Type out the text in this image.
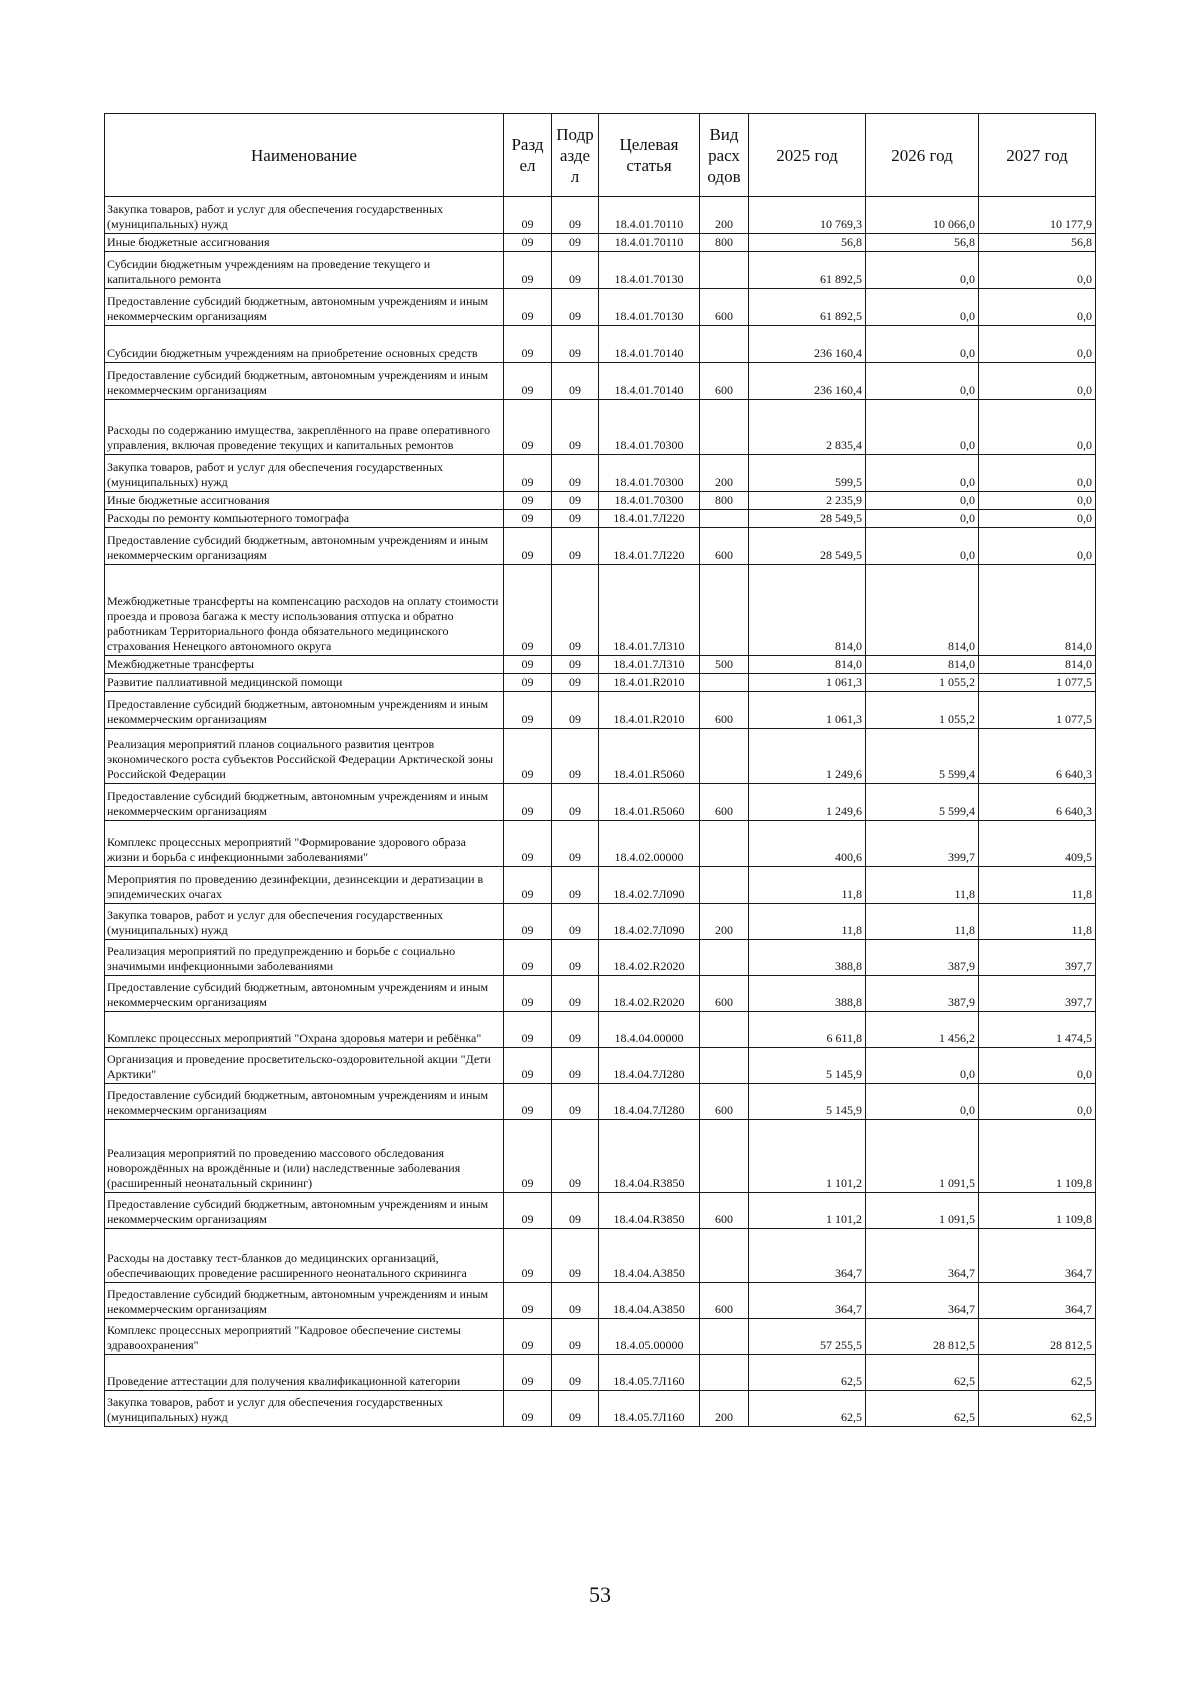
Наименование	Разд ел	Подр азде л	Целевая статья	Вид расх одов	2025 год	2026 год	2027 год
Закупка товаров, работ и услуг для обеспечения государственных (муниципальных) нужд	09	09	18.4.01.70110	200	10 769,3	10 066,0	10 177,9
Иные бюджетные ассигнования	09	09	18.4.01.70110	800	56,8	56,8	56,8
Субсидии бюджетным учреждениям на проведение текущего и капитального ремонта	09	09	18.4.01.70130		61 892,5	0,0	0,0
Предоставление субсидий бюджетным, автономным учреждениям и иным некоммерческим организациям	09	09	18.4.01.70130	600	61 892,5	0,0	0,0
Субсидии бюджетным учреждениям на приобретение основных средств	09	09	18.4.01.70140		236 160,4	0,0	0,0
Предоставление субсидий бюджетным, автономным учреждениям и иным некоммерческим организациям	09	09	18.4.01.70140	600	236 160,4	0,0	0,0
Расходы по содержанию имущества, закреплённого на праве оперативного управления, включая проведение текущих и капитальных ремонтов	09	09	18.4.01.70300		2 835,4	0,0	0,0
Закупка товаров, работ и услуг для обеспечения государственных (муниципальных) нужд	09	09	18.4.01.70300	200	599,5	0,0	0,0
Иные бюджетные ассигнования	09	09	18.4.01.70300	800	2 235,9	0,0	0,0
Расходы по ремонту компьютерного томографа	09	09	18.4.01.7Л220		28 549,5	0,0	0,0
Предоставление субсидий бюджетным, автономным учреждениям и иным некоммерческим организациям	09	09	18.4.01.7Л220	600	28 549,5	0,0	0,0
Межбюджетные трансферты на компенсацию расходов на оплату стоимости проезда и провоза багажа к месту использования отпуска и обратно работникам Территориального фонда обязательного медицинского страхования Ненецкого автономного округа	09	09	18.4.01.7Л310		814,0	814,0	814,0
Межбюджетные трансферты	09	09	18.4.01.7Л310	500	814,0	814,0	814,0
Развитие паллиативной медицинской помощи	09	09	18.4.01.R2010		1 061,3	1 055,2	1 077,5
Предоставление субсидий бюджетным, автономным учреждениям и иным некоммерческим организациям	09	09	18.4.01.R2010	600	1 061,3	1 055,2	1 077,5
Реализация мероприятий планов социального развития центров экономического роста субъектов Российской Федерации Арктической зоны Российской Федерации	09	09	18.4.01.R5060		1 249,6	5 599,4	6 640,3
Предоставление субсидий бюджетным, автономным учреждениям и иным некоммерческим организациям	09	09	18.4.01.R5060	600	1 249,6	5 599,4	6 640,3
Комплекс процессных мероприятий "Формирование здорового образа жизни и борьба с инфекционными заболеваниями"	09	09	18.4.02.00000		400,6	399,7	409,5
Мероприятия по проведению дезинфекции, дезинсекции и дератизации в эпидемических очагах	09	09	18.4.02.7Л090		11,8	11,8	11,8
Закупка товаров, работ и услуг для обеспечения государственных (муниципальных) нужд	09	09	18.4.02.7Л090	200	11,8	11,8	11,8
Реализация мероприятий по предупреждению и борьбе с социально значимыми инфекционными заболеваниями	09	09	18.4.02.R2020		388,8	387,9	397,7
Предоставление субсидий бюджетным, автономным учреждениям и иным некоммерческим организациям	09	09	18.4.02.R2020	600	388,8	387,9	397,7
Комплекс процессных мероприятий "Охрана здоровья матери и ребёнка"	09	09	18.4.04.00000		6 611,8	1 456,2	1 474,5
Организация и проведение просветительско-оздоровительной акции "Дети Арктики"	09	09	18.4.04.7Л280		5 145,9	0,0	0,0
Предоставление субсидий бюджетным, автономным учреждениям и иным некоммерческим организациям	09	09	18.4.04.7Л280	600	5 145,9	0,0	0,0
Реализация мероприятий по проведению массового обследования новорождённых на врождённые и (или) наследственные заболевания (расширенный неонатальный скрининг)	09	09	18.4.04.R3850		1 101,2	1 091,5	1 109,8
Предоставление субсидий бюджетным, автономным учреждениям и иным некоммерческим организациям	09	09	18.4.04.R3850	600	1 101,2	1 091,5	1 109,8
Расходы на доставку тест-бланков до медицинских организаций, обеспечивающих проведение расширенного неонатального скрининга	09	09	18.4.04.А3850		364,7	364,7	364,7
Предоставление субсидий бюджетным, автономным учреждениям и иным некоммерческим организациям	09	09	18.4.04.А3850	600	364,7	364,7	364,7
Комплекс процессных мероприятий "Кадровое обеспечение системы здравоохранения"	09	09	18.4.05.00000		57 255,5	28 812,5	28 812,5
Проведение аттестации для получения квалификационной категории	09	09	18.4.05.7Л160		62,5	62,5	62,5
Закупка товаров, работ и услуг для обеспечения государственных (муниципальных) нужд	09	09	18.4.05.7Л160	200	62,5	62,5	62,5
53
